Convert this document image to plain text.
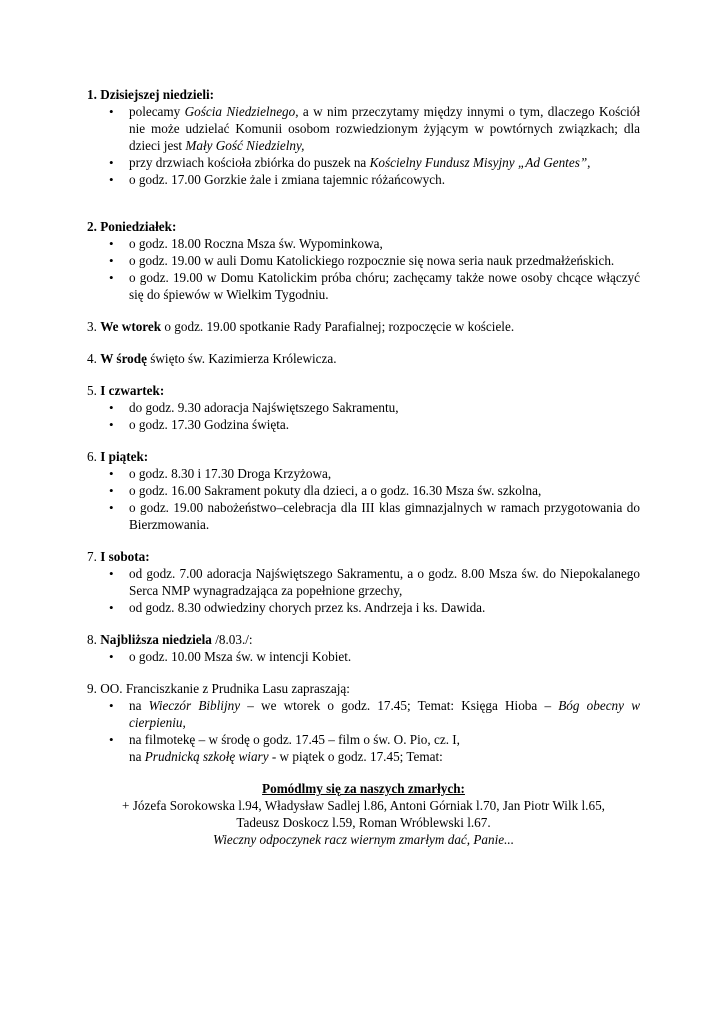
1. Dzisiejszej niedzieli:
• polecamy Gościa Niedzielnego, a w nim przeczytamy między innymi o tym, dlaczego Kościół nie może udzielać Komunii osobom rozwiedzionym żyjącym w powtórnych związkach; dla dzieci jest Mały Gość Niedzielny,
• przy drzwiach kościoła zbiórka do puszek na Kościelny Fundusz Misyjny „Ad Gentes”,
• o godz. 17.00 Gorzkie żale i zmiana tajemnic różańcowych.
2. Poniedziałek:
• o godz. 18.00 Roczna Msza św. Wypominkowa,
• o godz. 19.00 w auli Domu Katolickiego rozpocznie się nowa seria nauk przedmałżeńskich.
• o godz. 19.00 w Domu Katolickim próba chóru; zachęcamy także nowe osoby chcące włączyć się do śpiewów w Wielkim Tygodniu.
3. We wtorek o godz. 19.00 spotkanie Rady Parafialnej; rozpoczęcie w kościele.
4. W środę święto św. Kazimierza Królewicza.
5. I czwartek:
• do godz. 9.30 adoracja Najświętszego Sakramentu,
• o godz. 17.30 Godzina święta.
6. I piątek:
• o godz. 8.30 i 17.30 Droga Krzyżowa,
• o godz. 16.00 Sakrament pokuty dla dzieci, a o godz. 16.30 Msza św. szkolna,
• o godz. 19.00 nabożeństwo–celebracja dla III klas gimnazjalnych w ramach przygotowania do Bierzmowania.
7. I sobota:
• od godz. 7.00 adoracja Najświętszego Sakramentu, a o godz. 8.00 Msza św. do Niepokalanego Serca NMP wynagradzająca za popełnione grzechy,
• od godz. 8.30 odwiedziny chorych przez ks. Andrzeja i ks. Dawida.
8. Najbliższa niedziela /8.03./:
• o godz. 10.00 Msza św. w intencji Kobiet.
9. OO. Franciszkanie z Prudnika Lasu zapraszają:
• na Wieczór Biblijny – we wtorek o godz. 17.45; Temat: Księga Hioba – Bóg obecny w cierpieniu,
• na filmotekę – w środę o godz. 17.45 – film o św. O. Pio, cz. I,
na Prudnicką szkołę wiary - w piątek o godz. 17.45; Temat:
Pomódlmy się za naszych zmarłych:
+ Józefa Sorokowska l.94, Władysław Sadlej l.86, Antoni Górniak l.70, Jan Piotr Wilk l.65,
Tadeusz Doskocz l.59, Roman Wróblewski l.67.
Wieczny odpoczynek racz wiernym zmarłym dać, Panie...
